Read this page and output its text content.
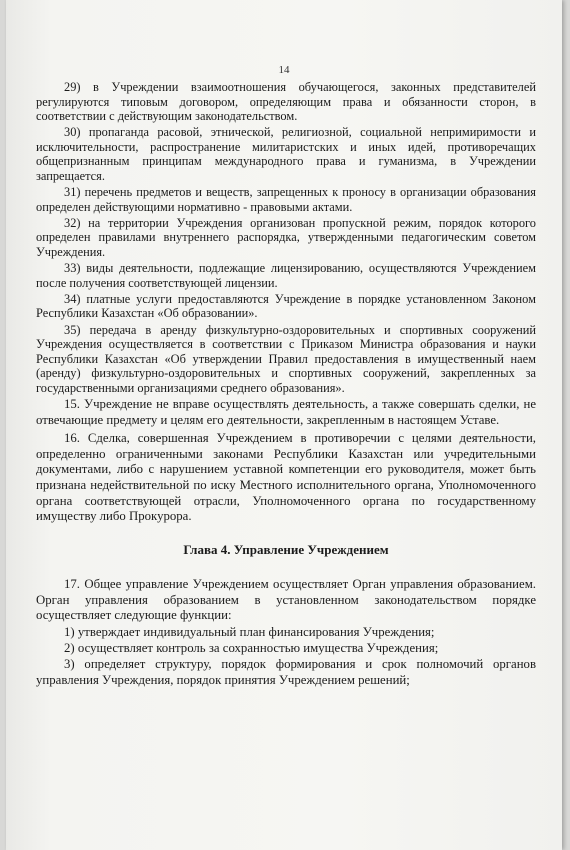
14

29) в Учреждении взаимоотношения обучающегося, законных представителей регулируются типовым договором, определяющим права и обязанности сторон, в соответствии с действующим законодательством.

30) пропаганда расовой, этнической, религиозной, социальной непримиримости и исключительности, распространение милитаристских и иных идей, противоречащих общепризнанным принципам международного права и гуманизма, в Учреждении запрещается.

31) перечень предметов и веществ, запрещенных к проносу в организации образования определен действующими нормативно - правовыми актами.

32) на территории Учреждения организован пропускной режим, порядок которого определен правилами внутреннего распорядка, утвержденными педагогическим советом Учреждения.

33) виды деятельности, подлежащие лицензированию, осуществляются Учреждением после получения соответствующей лицензии.

34) платные услуги предоставляются Учреждение в порядке установленном Законом Республики Казахстан «Об образовании».

35) передача в аренду физкультурно-оздоровительных и спортивных сооружений Учреждения осуществляется в соответствии с Приказом Министра образования и науки Республики Казахстан «Об утверждении Правил предоставления в имущественный наем (аренду) физкультурно-оздоровительных и спортивных сооружений, закрепленных за государственными организациями среднего образования».

15. Учреждение не вправе осуществлять деятельность, а также совершать сделки, не отвечающие предмету и целям его деятельности, закрепленным в настоящем Уставе.

16. Сделка, совершенная Учреждением в противоречии с целями деятельности, определенно ограниченными законами Республики Казахстан или учредительными документами, либо с нарушением уставной компетенции его руководителя, может быть признана недействительной по иску Местного исполнительного органа, Уполномоченного органа соответствующей отрасли, Уполномоченного органа по государственному имуществу либо Прокурора.

Глава 4. Управление Учреждением

17. Общее управление Учреждением осуществляет Орган управления образованием. Орган управления образованием в установленном законодательством порядке осуществляет следующие функции:

1) утверждает индивидуальный план финансирования Учреждения;

2) осуществляет контроль за сохранностью имущества Учреждения;

3) определяет структуру, порядок формирования и срок полномочий органов управления Учреждения, порядок принятия Учреждением решений;
